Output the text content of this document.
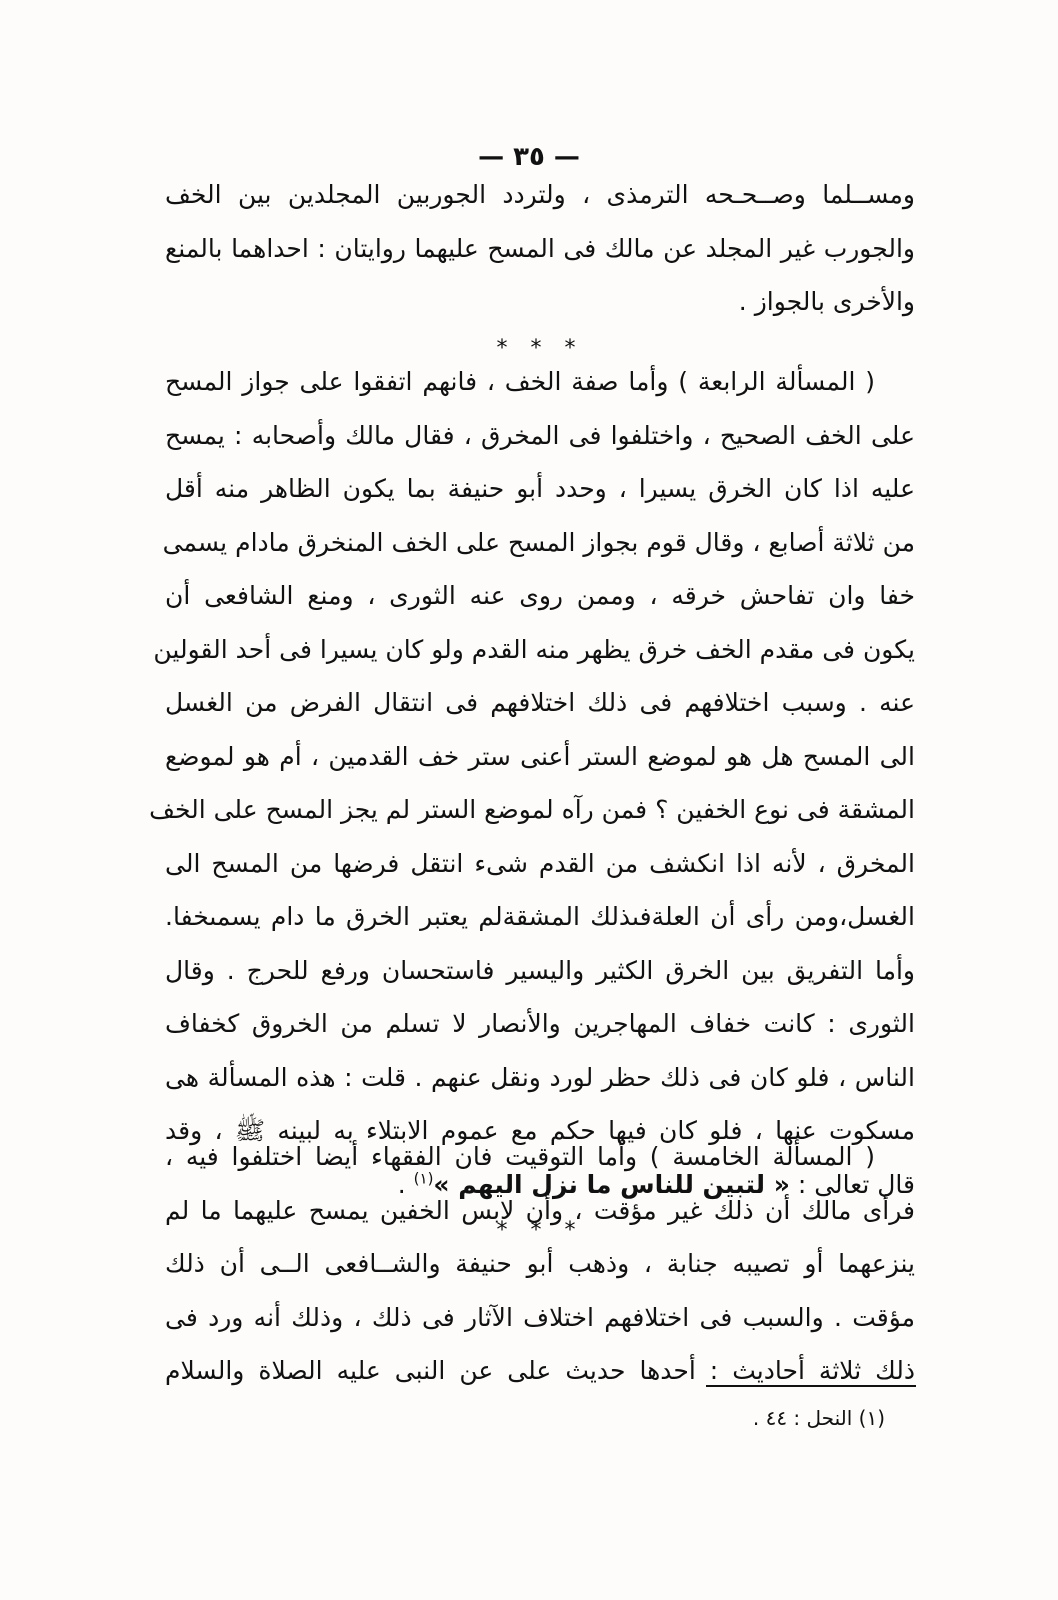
— ٣٥ —
ومســلما وصــحـحه الترمذى ، ولتردد الجوربين المجلدين بين الخف
والجورب غير المجلد عن مالك فى المسح عليهما روايتان : احداهما بالمنع
والأخرى بالجواز .
* * *
( المسألة الرابعة ) وأما صفة الخف ، فانهم اتفقوا على جواز المسح
على الخف الصحيح ، واختلفوا فى المخرق ، فقال مالك وأصحابه : يمسح
عليه اذا كان الخرق يسيرا ، وحدد أبو حنيفة بما يكون الظاهر منه أقل
من ثلاثة أصابع ، وقال قوم بجواز المسح على الخف المنخرق مادام يسمى
خفا وان تفاحش خرقه ، وممن روى عنه الثورى ، ومنع الشافعى أن
يكون فى مقدم الخف خرق يظهر منه القدم ولو كان يسيرا فى أحد القولين
عنه . وسبب اختلافهم فى ذلك اختلافهم فى انتقال الفرض من الغسل
الى المسح هل هو لموضع الستر أعنى ستر خف القدمين ، أم هو لموضع
المشقة فى نوع الخفين ؟ فمن رآه لموضع الستر لم يجز المسح على الخف
المخرق ، لأنه اذا انكشف من القدم شىء انتقل فرضها من المسح الى
الغسل،ومن رأى أن العلةفىذلك المشقةلم يعتبر الخرق ما دام يسمىخفا.
وأما التفريق بين الخرق الكثير واليسير فاستحسان ورفع للحرج . وقال
الثورى : كانت خفاف المهاجرين والأنصار لا تسلم من الخروق كخفاف
الناس ، فلو كان فى ذلك حظر لورد ونقل عنهم . قلت : هذه المسألة هى
مسكوت عنها ، فلو كان فيها حكم مع عموم الابتلاء به لبينه ﷺ ، وقد
قال تعالى : « لتبين للناس ما نزل اليهم »$^{(١)}$ .
* * *
( المسألة الخامسة ) وأما التوقيت فان الفقهاء أيضا اختلفوا فيه ،
فرأى مالك أن ذلك غير مؤقت ، وأن لابس الخفين يمسح عليهما ما لم
ينزعهما أو تصيبه جنابة ، وذهب أبو حنيفة والشــافعى الــى أن ذلك
مؤقت . والسبب فى اختلافهم اختلاف الآثار فى ذلك ، وذلك أنه ورد فى
ذلك ثلاثة أحاديث : أحدها حديث على عن النبى عليه الصلاة والسلام
(١) النحل : ٤٤ .
